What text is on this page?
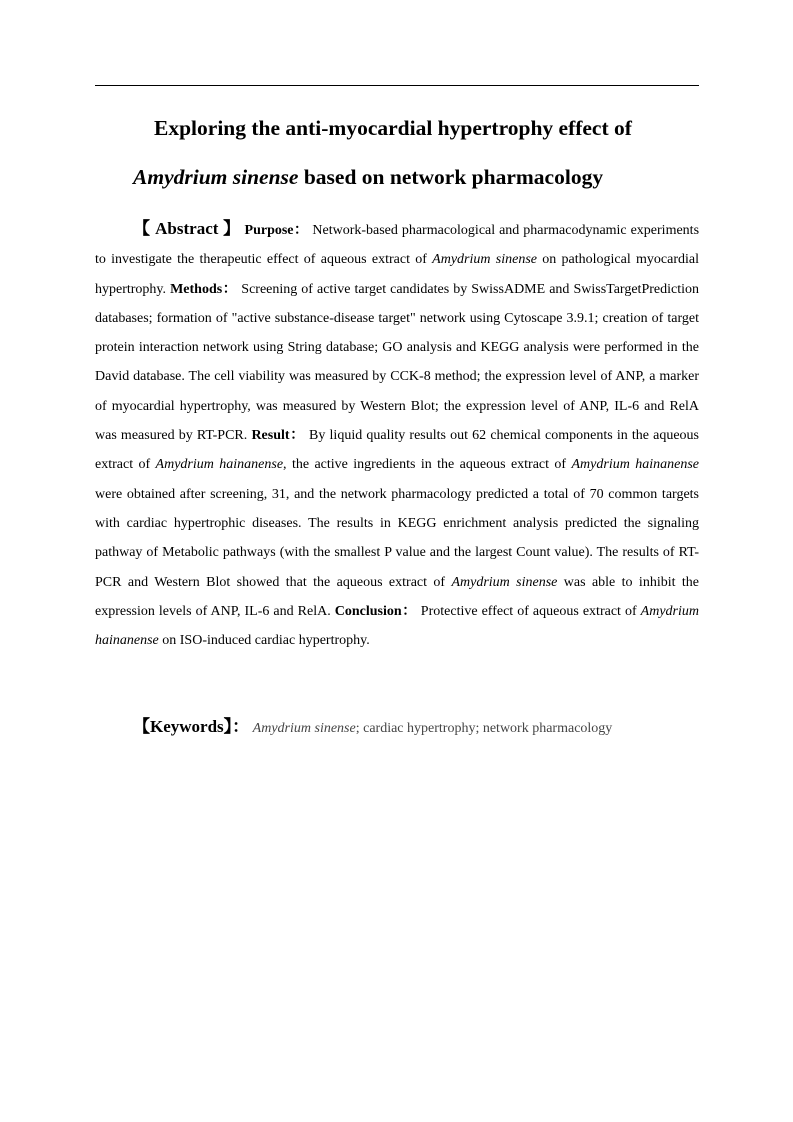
Exploring the anti-myocardial hypertrophy effect of
Amydrium sinense based on network pharmacology
【 Abstract 】 Purpose： Network-based pharmacological and pharmacodynamic experiments to investigate the therapeutic effect of aqueous extract of Amydrium sinense on pathological myocardial hypertrophy. Methods： Screening of active target candidates by SwissADME and SwissTargetPrediction databases; formation of "active substance-disease target" network using Cytoscape 3.9.1; creation of target protein interaction network using String database; GO analysis and KEGG analysis were performed in the David database. The cell viability was measured by CCK-8 method; the expression level of ANP, a marker of myocardial hypertrophy, was measured by Western Blot; the expression level of ANP, IL-6 and RelA was measured by RT-PCR. Result： By liquid quality results out 62 chemical components in the aqueous extract of Amydrium hainanense, the active ingredients in the aqueous extract of Amydrium hainanense were obtained after screening, 31, and the network pharmacology predicted a total of 70 common targets with cardiac hypertrophic diseases. The results in KEGG enrichment analysis predicted the signaling pathway of Metabolic pathways (with the smallest P value and the largest Count value). The results of RT-PCR and Western Blot showed that the aqueous extract of Amydrium sinense was able to inhibit the expression levels of ANP, IL-6 and RelA. Conclusion： Protective effect of aqueous extract of Amydrium hainanense on ISO-induced cardiac hypertrophy.
【Keywords】： Amydrium sinense; cardiac hypertrophy; network pharmacology
